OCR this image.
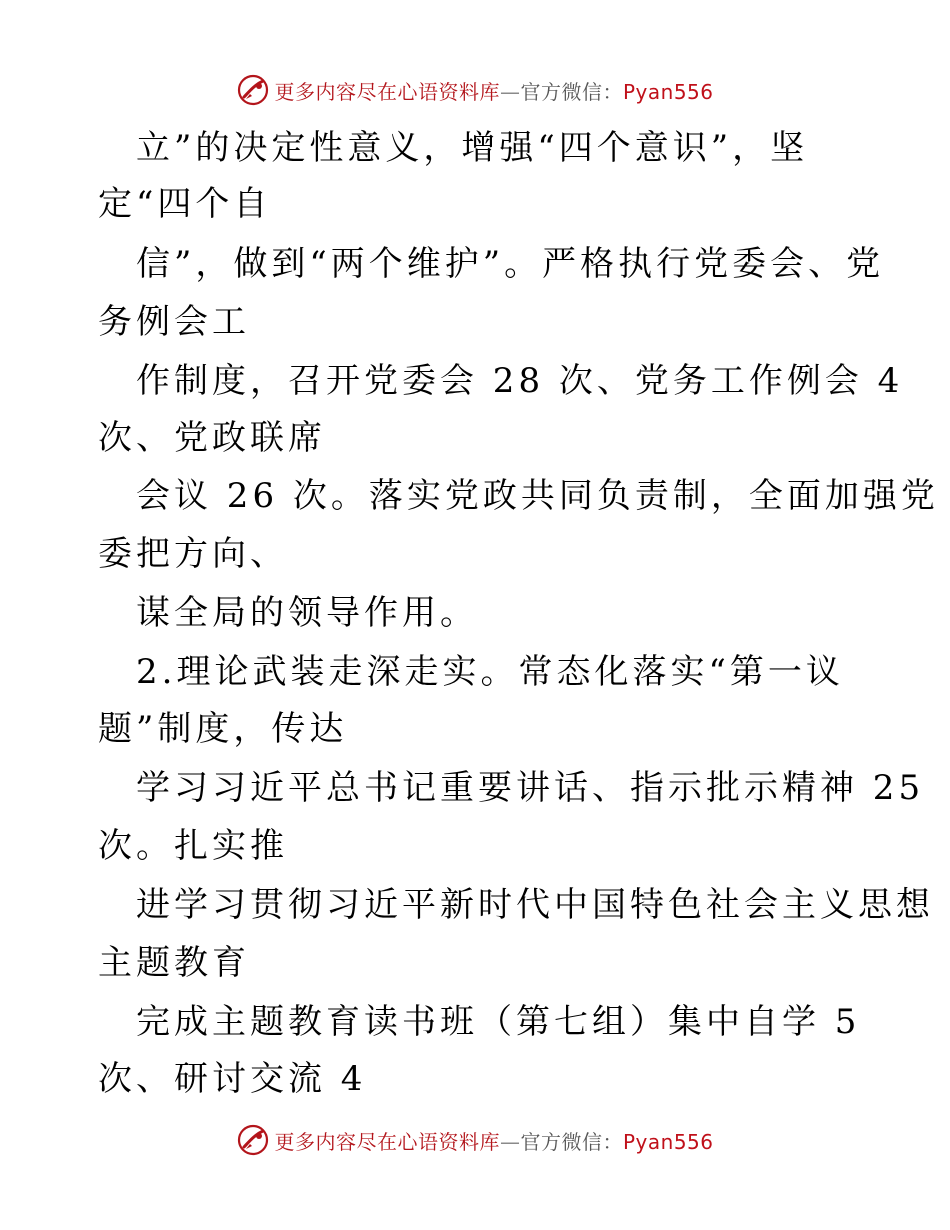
更多内容尽在心语资料库—官方微信：Pyan556
立”的决定性意义，增强“四个意识”，坚
定“四个自
信”，做到“两个维护”。严格执行党委会、党
务例会工
作制度，召开党委会 28 次、党务工作例会 4
次、党政联席
会议 26 次。落实党政共同负责制，全面加强党
委把方向、
谋全局的领导作用。
2.理论武装走深走实。常态化落实“第一议
题”制度，传达
学习习近平总书记重要讲话、指示批示精神 25
次。扎实推
进学习贯彻习近平新时代中国特色社会主义思想
主题教育
完成主题教育读书班（第七组）集中自学 5
次、研讨交流 4
更多内容尽在心语资料库—官方微信：Pyan556
